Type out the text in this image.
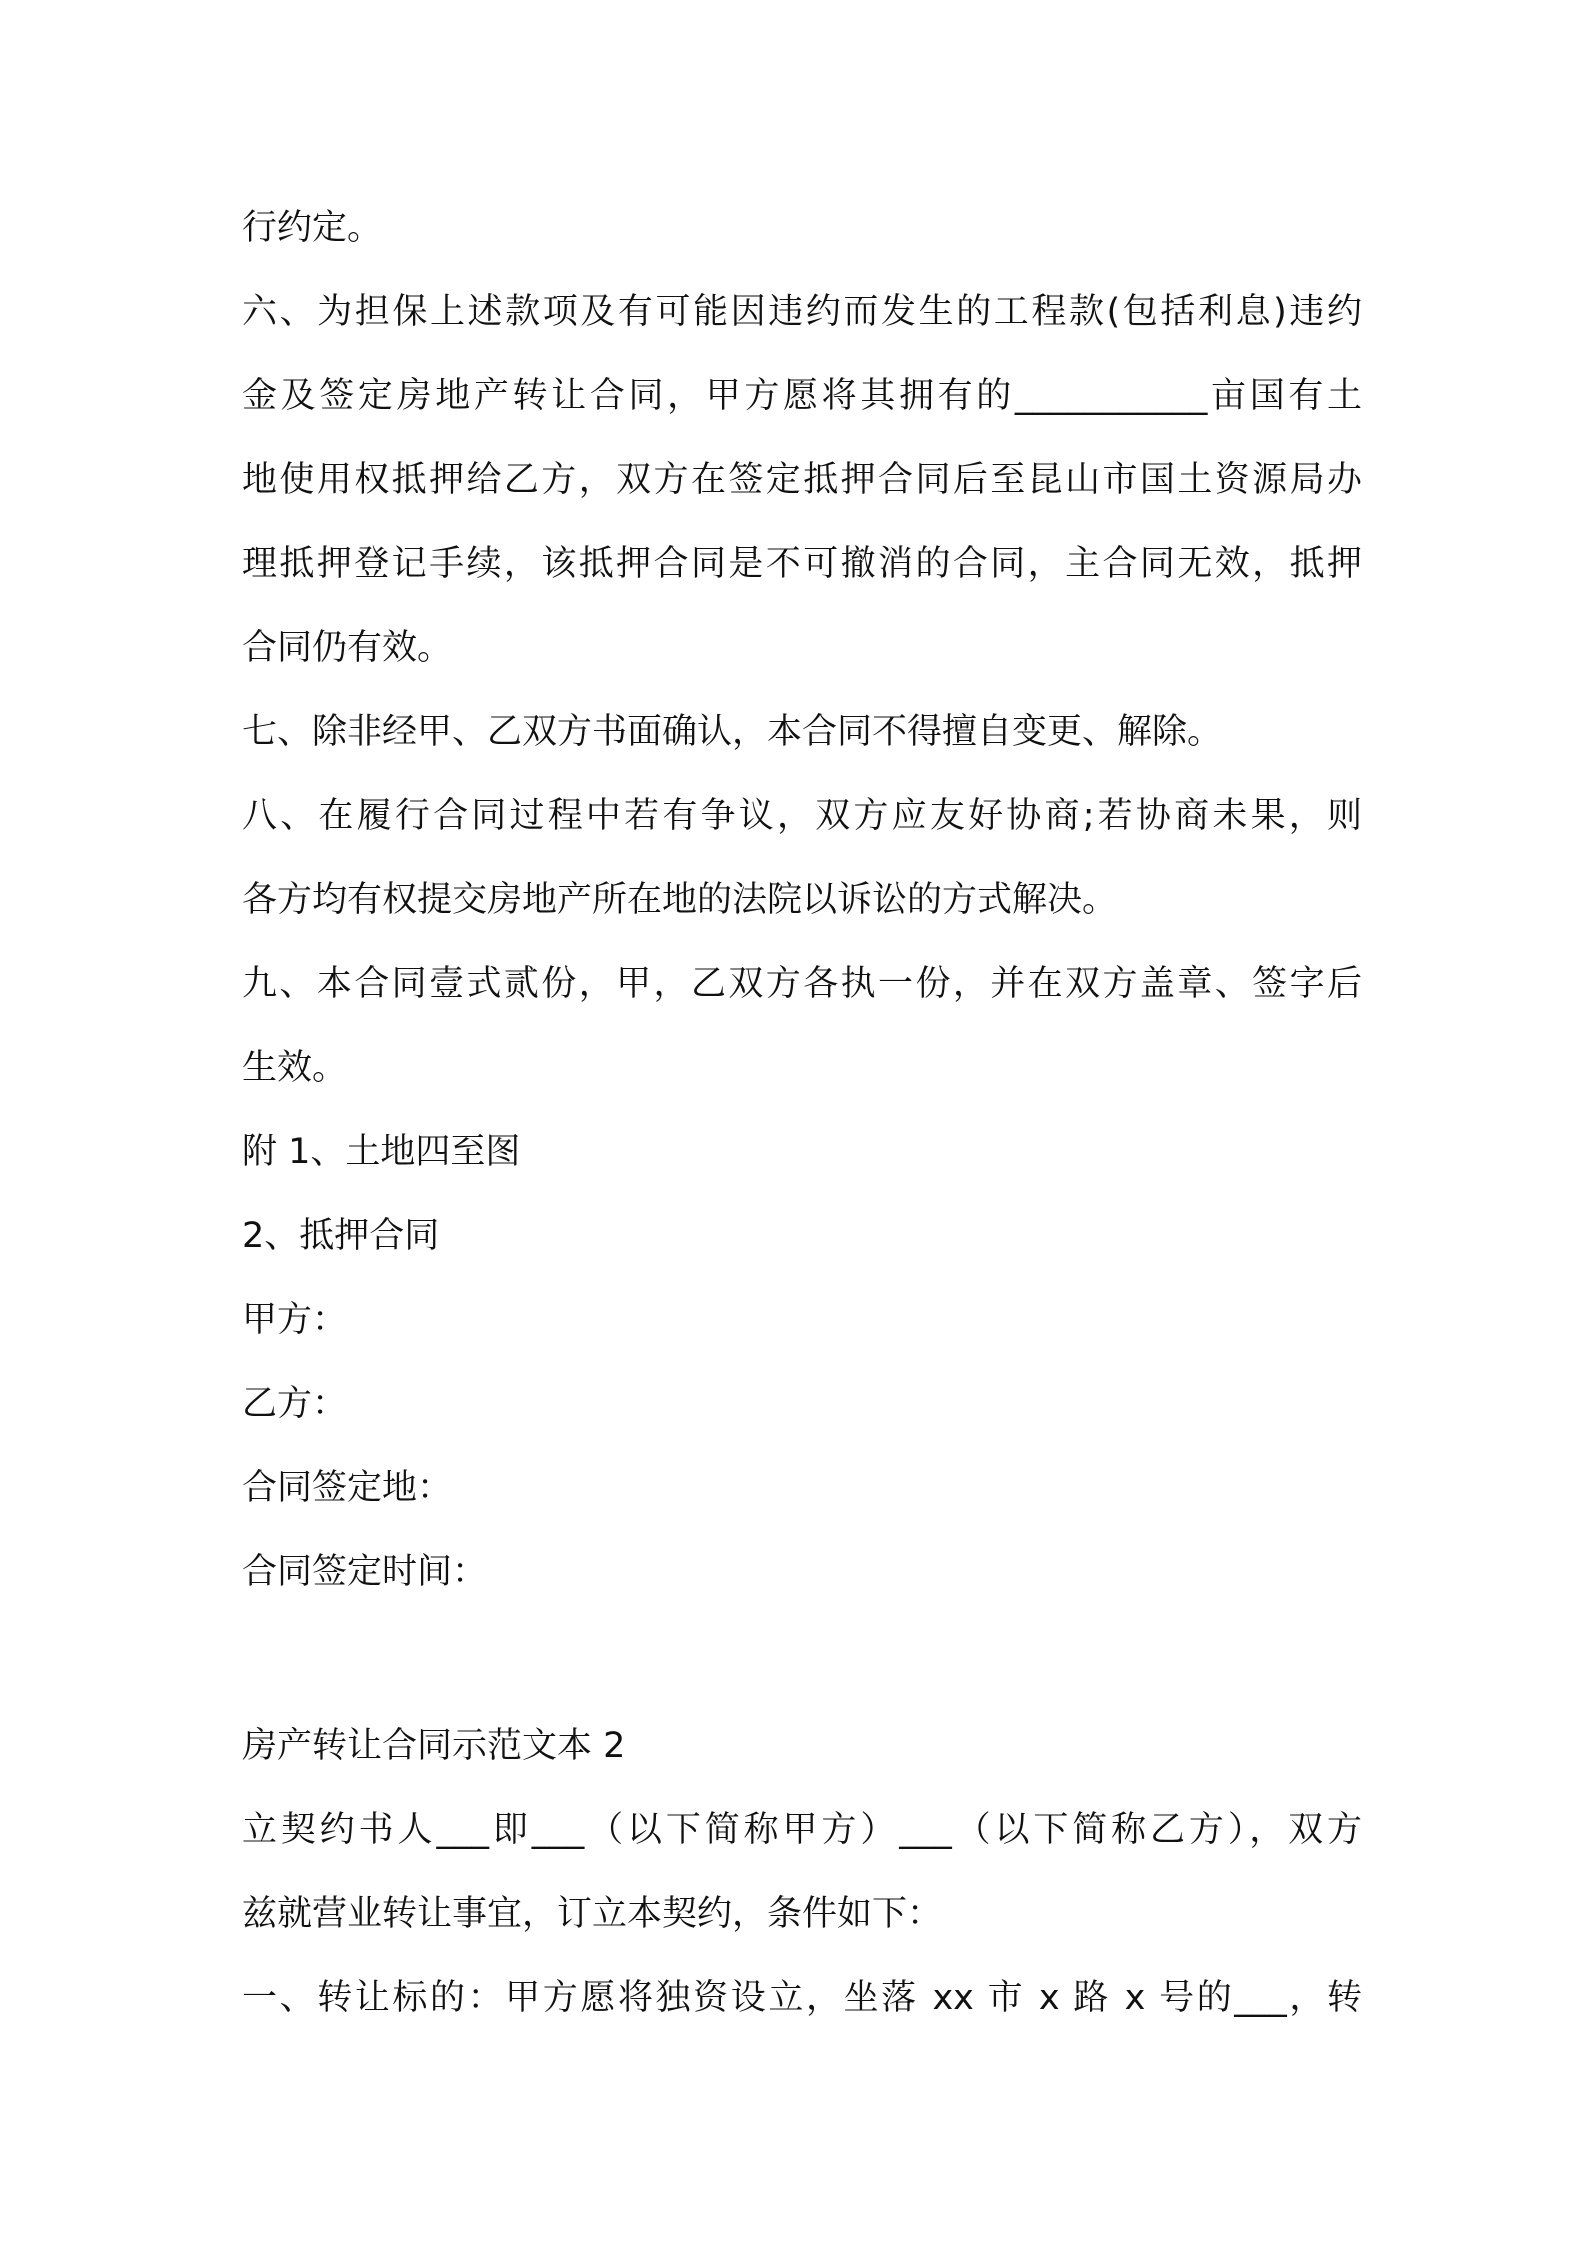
行约定。
六、为担保上述款项及有可能因违约而发生的工程款(包括利息)违约
金及签定房地产转让合同，甲方愿将其拥有的___________亩国有土
地使用权抵押给乙方，双方在签定抵押合同后至昆山市国土资源局办
理抵押登记手续，该抵押合同是不可撤消的合同，主合同无效，抵押
合同仍有效。
七、除非经甲、乙双方书面确认，本合同不得擅自变更、解除。
八、在履行合同过程中若有争议，双方应友好协商;若协商未果，则
各方均有权提交房地产所在地的法院以诉讼的方式解决。
九、本合同壹式贰份，甲，乙双方各执一份，并在双方盖章、签字后
生效。
附 1、土地四至图
2、抵押合同
甲方：
乙方：
合同签定地：
合同签定时间：
房产转让合同示范文本 2
立契约书人___即___（以下简称甲方）___（以下简称乙方），双方
兹就营业转让事宜，订立本契约，条件如下：
一、转让标的：甲方愿将独资设立，坐落 xx 市 x 路 x 号的___，转
